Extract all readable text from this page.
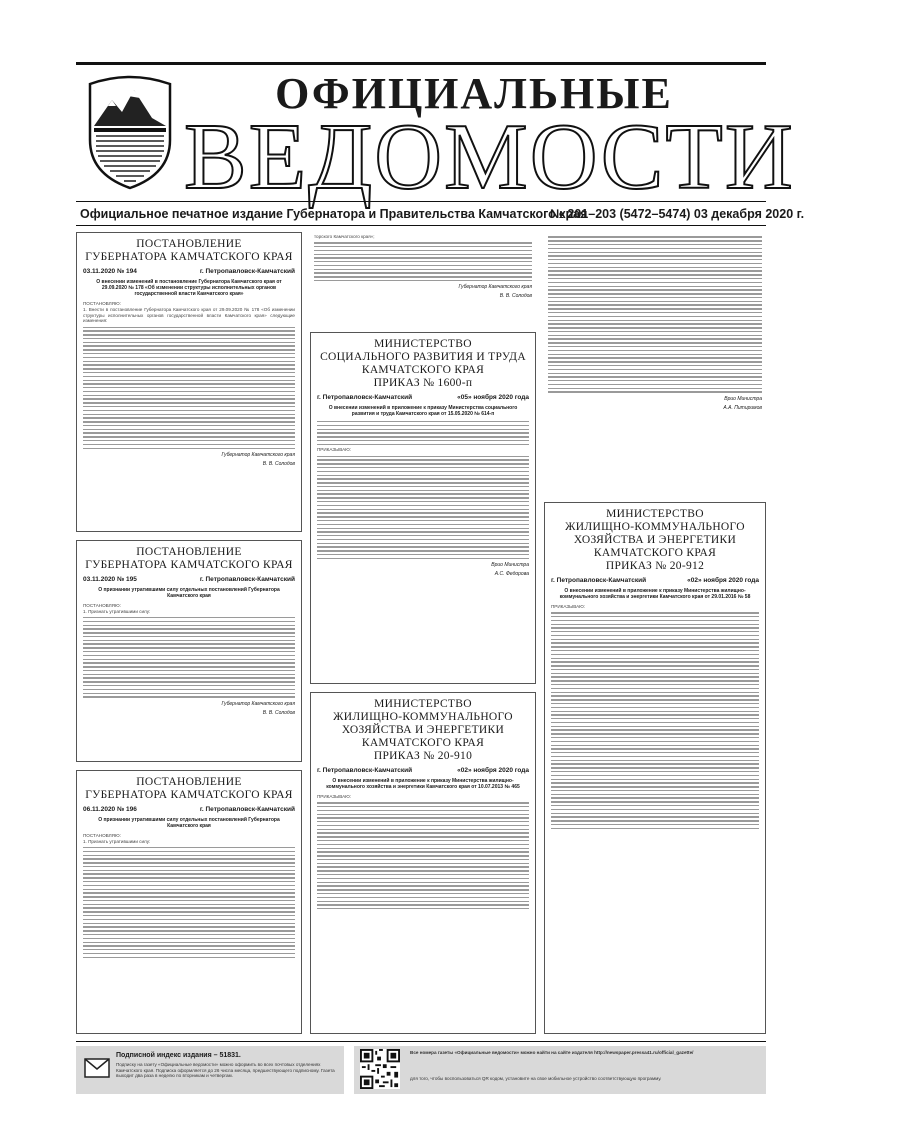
ОФИЦИАЛЬНЫЕ
ВЕДОМОСТИ
Официальное печатное издание Губернатора и Правительства Камчатского края
№ 201–203 (5472–5474) 03 декабря 2020 г.
ПОСТАНОВЛЕНИЕ
ГУБЕРНАТОРА КАМЧАТСКОГО КРАЯ
03.11.2020 № 194	г. Петропавловск-Камчатский
О внесении изменений в постановление Губернатора Камчатского края от 29.09.2020 № 178 «Об изменении структуры исполнительных органов государственной власти Камчатского края»
ПОСТАНОВЛЯЮ:
1. Внести в постановление Губернатора Камчатского края от 29.09.2020 № 178 «Об изменении структуры исполнительных органов государственной власти Камчатского края» следующие изменения:
Губернатор Камчатского края
В. В. Солодов
ПОСТАНОВЛЕНИЕ
ГУБЕРНАТОРА КАМЧАТСКОГО КРАЯ
03.11.2020 № 195	г. Петропавловск-Камчатский
О признании утратившими силу отдельных постановлений Губернатора Камчатского края
ПОСТАНОВЛЯЮ:
1. Признать утратившими силу:
Губернатор Камчатского края
В. В. Солодов
ПОСТАНОВЛЕНИЕ
ГУБЕРНАТОРА КАМЧАТСКОГО КРАЯ
06.11.2020 № 196	г. Петропавловск-Камчатский
О признании утратившими силу отдельных постановлений Губернатора Камчатского края
ПОСТАНОВЛЯЮ:
1. Признать утратившими силу:
торского Камчатского края»;
Губернатор Камчатского края
В. В. Солодов
МИНИСТЕРСТВО
СОЦИАЛЬНОГО РАЗВИТИЯ И ТРУДА
КАМЧАТСКОГО КРАЯ
ПРИКАЗ № 1600-п
г. Петропавловск-Камчатский	«05» ноября 2020 года
О внесении изменений в приложение к приказу Министерства социального развития и труда Камчатского края от 15.05.2020 № 614-п
ПРИКАЗЫВАЮ:
Врио Министра
А.С. Федорова
МИНИСТЕРСТВО
ЖИЛИЩНО-КОММУНАЛЬНОГО
ХОЗЯЙСТВА И ЭНЕРГЕТИКИ
КАМЧАТСКОГО КРАЯ
ПРИКАЗ № 20-910
г. Петропавловск-Камчатский	«02» ноября 2020 года
О внесении изменений в приложение к приказу Министерства жилищно-коммунального хозяйства и энергетики Камчатского края от 10.07.2013 № 465
ПРИКАЗЫВАЮ:
Врио Министра
А.А. Питиримов
МИНИСТЕРСТВО
ЖИЛИЩНО-КОММУНАЛЬНОГО
ХОЗЯЙСТВА И ЭНЕРГЕТИКИ
КАМЧАТСКОГО КРАЯ
ПРИКАЗ № 20-912
г. Петропавловск-Камчатский	«02» ноября 2020 года
О внесении изменений в приложение к приказу Министерства жилищно-коммунального хозяйства и энергетики Камчатского края от 29.01.2016 № 58
ПРИКАЗЫВАЮ:
Подписной индекс издания – 51831.
Подписку на газету «Официальные ведомости» можно оформить во всех почтовых отделениях Камчатского края. Подписка оформляется до 26 числа месяца, предшествующего подписному. Газета выходит два раза в неделю по вторникам и четвергам.
Все номера газеты «Официальные ведомости» можно найти на сайте издателя http://newspaper.pressa41.ru/official_gazette/
для того, чтобы воспользоваться QR кодом, установите на свое мобильное устройство соответствующую программу.
